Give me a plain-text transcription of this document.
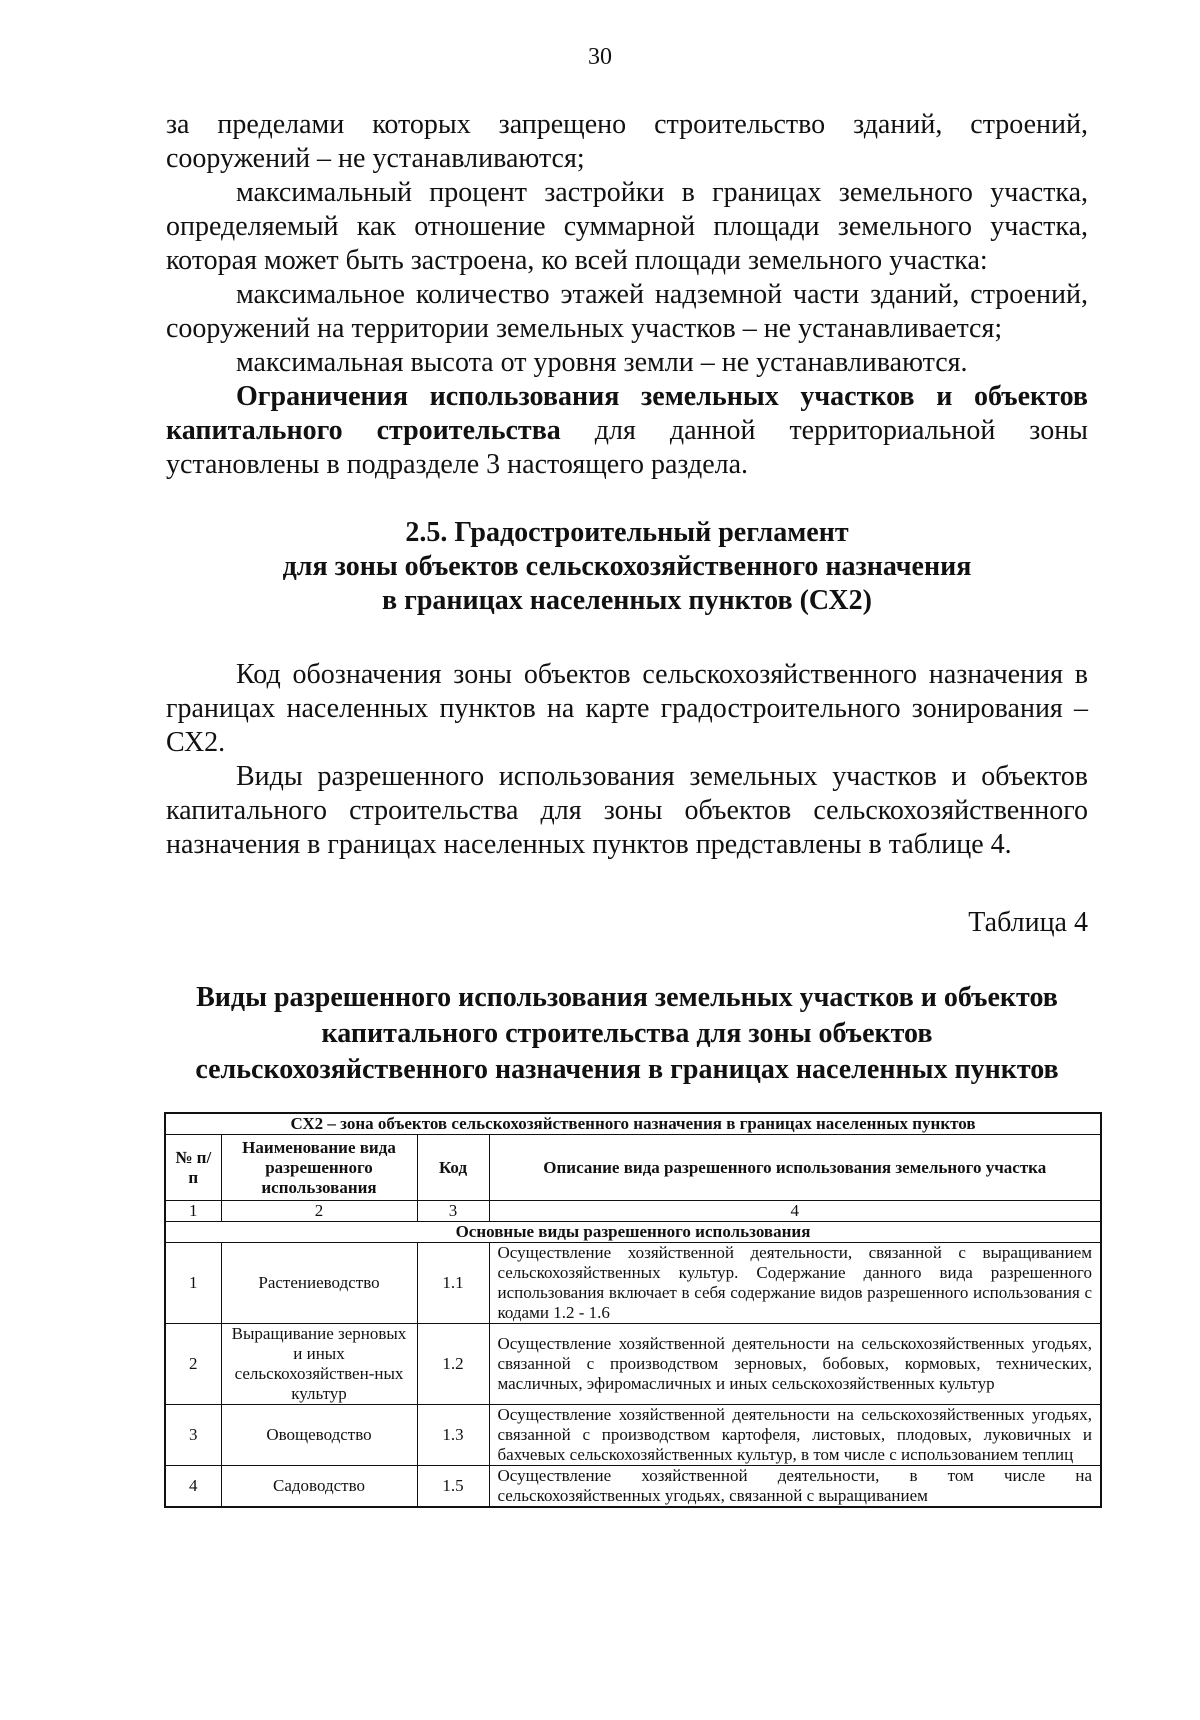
30

за пределами которых запрещено строительство зданий, строений, сооружений – не устанавливаются;

максимальный процент застройки в границах земельного участка, определяемый как отношение суммарной площади земельного участка, которая может быть застроена, ко всей площади земельного участка:

максимальное количество этажей надземной части зданий, строений, сооружений на территории земельных участков – не устанавливается;

максимальная высота от уровня земли – не устанавливаются.

Ограничения использования земельных участков и объектов капитального строительства для данной территориальной зоны установлены в подразделе 3 настоящего раздела.

2.5. Градостроительный регламент
для зоны объектов сельскохозяйственного назначения
в границах населенных пунктов (СХ2)

Код обозначения зоны объектов сельскохозяйственного назначения в границах населенных пунктов на карте градостроительного зонирования – СХ2.

Виды разрешенного использования земельных участков и объектов капитального строительства для зоны объектов сельскохозяйственного назначения в границах населенных пунктов представлены в таблице 4.

Таблица 4
Виды разрешенного использования земельных участков и объектов
капитального строительства для зоны объектов
сельскохозяйственного назначения в границах населенных пунктов
СХ2 – зона объектов сельскохозяйственного назначения в границах населенных пунктов			
№ п/п	Наименование вида разрешенного использования	Код	Описание вида разрешенного использования земельного участка
1	2	3	4
Основные виды разрешенного использования			
1	Растениеводство	1.1	Осуществление хозяйственной деятельности, связанной с выращиванием сельскохозяйственных культур. Содержание данного вида разрешенного использования включает в себя содержание видов разрешенного использования с кодами 1.2 - 1.6
2	Выращивание зерновых и иных сельскохозяйствен-ных культур	1.2	Осуществление хозяйственной деятельности на сельскохозяйственных угодьях, связанной с производством зерновых, бобовых, кормовых, технических, масличных, эфиромасличных и иных сельскохозяйственных культур
3	Овощеводство	1.3	Осуществление хозяйственной деятельности на сельскохозяйственных угодьях, связанной с производством картофеля, листовых, плодовых, луковичных и бахчевых сельскохозяйственных культур, в том числе с использованием теплиц
4	Садоводство	1.5	Осуществление хозяйственной деятельности, в том числе на сельскохозяйственных угодьях, связанной с выращиванием
